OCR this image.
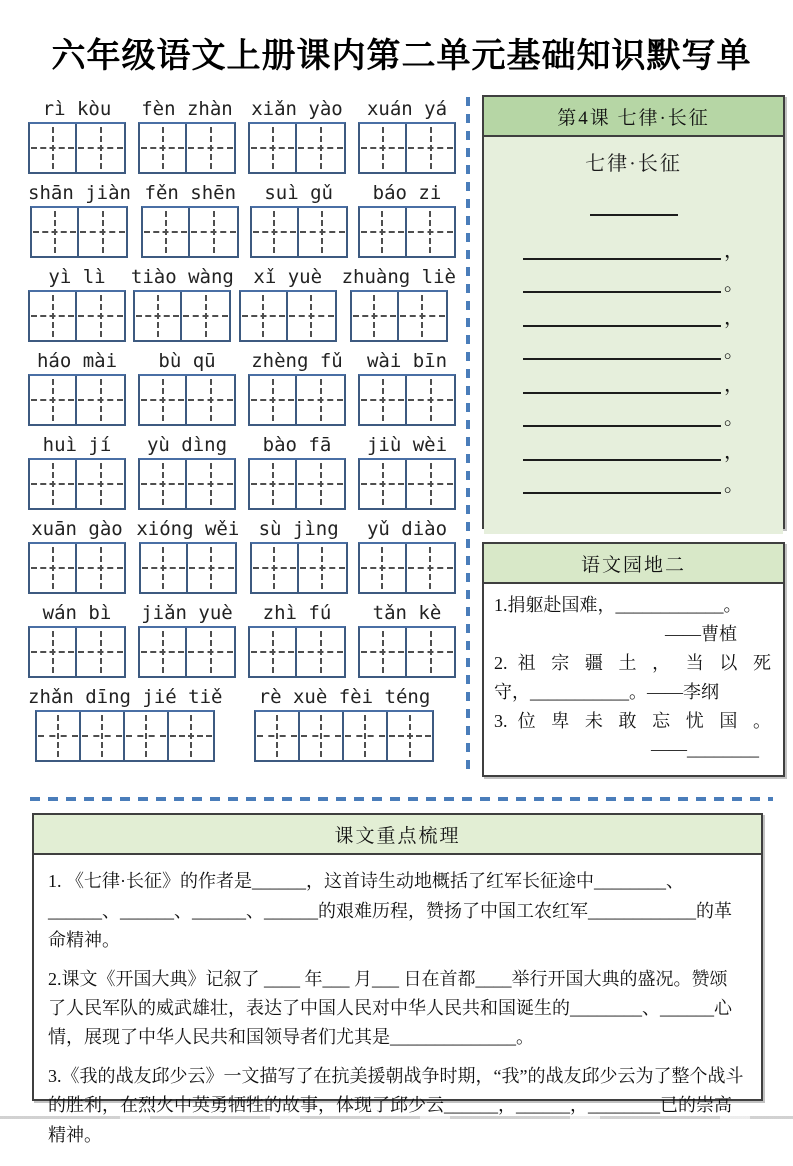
六年级语文上册课内第二单元基础知识默写单
rì kòu fèn zhàn xiǎn yào xuán yá
shān jiàn fěn shēn suì gǔ báo zi
yì lì tiào wàng xǐ yuè zhuàng liè
háo mài bù qū zhèng fǔ wài bīn
huì jí yù dìng bào fā jiù wèi
xuān gào xióng wěi sù jìng yǔ diào
wán bì jiǎn yuè zhì fú tǎn kè
zhǎn dīng jié tiě rè xuè fèi téng
第4课 七律·长征
七律·长征
，
。
，
。
，
。
，
。
语文园地二
1.捐躯赴国难，____________。
——曹植
2. 祖 宗 疆 土 ， 当 以 死
守，___________。——李纲
3. 位 卑 未 敢 忘 忧 国 。
——________
课文重点梳理

1. 《七律·长征》的作者是______，这首诗生动地概括了红军长征途中________、______、______、______、______的艰难历程，赞扬了中国工农红军____________的革命精神。

2.课文《开国大典》记叙了 ____ 年___ 月___ 日在首都____举行开国大典的盛况。赞颂了人民军队的威武雄壮，表达了中国人民对中华人民共和国诞生的________、______心情，展现了中华人民共和国领导者们尤其是______________。

3.《我的战友邱少云》一文描写了在抗美援朝战争时期，“我”的战友邱少云为了整个战斗的胜利，在烈火中英勇牺牲的故事，体现了邱少云______，______，________已的崇高精神。
